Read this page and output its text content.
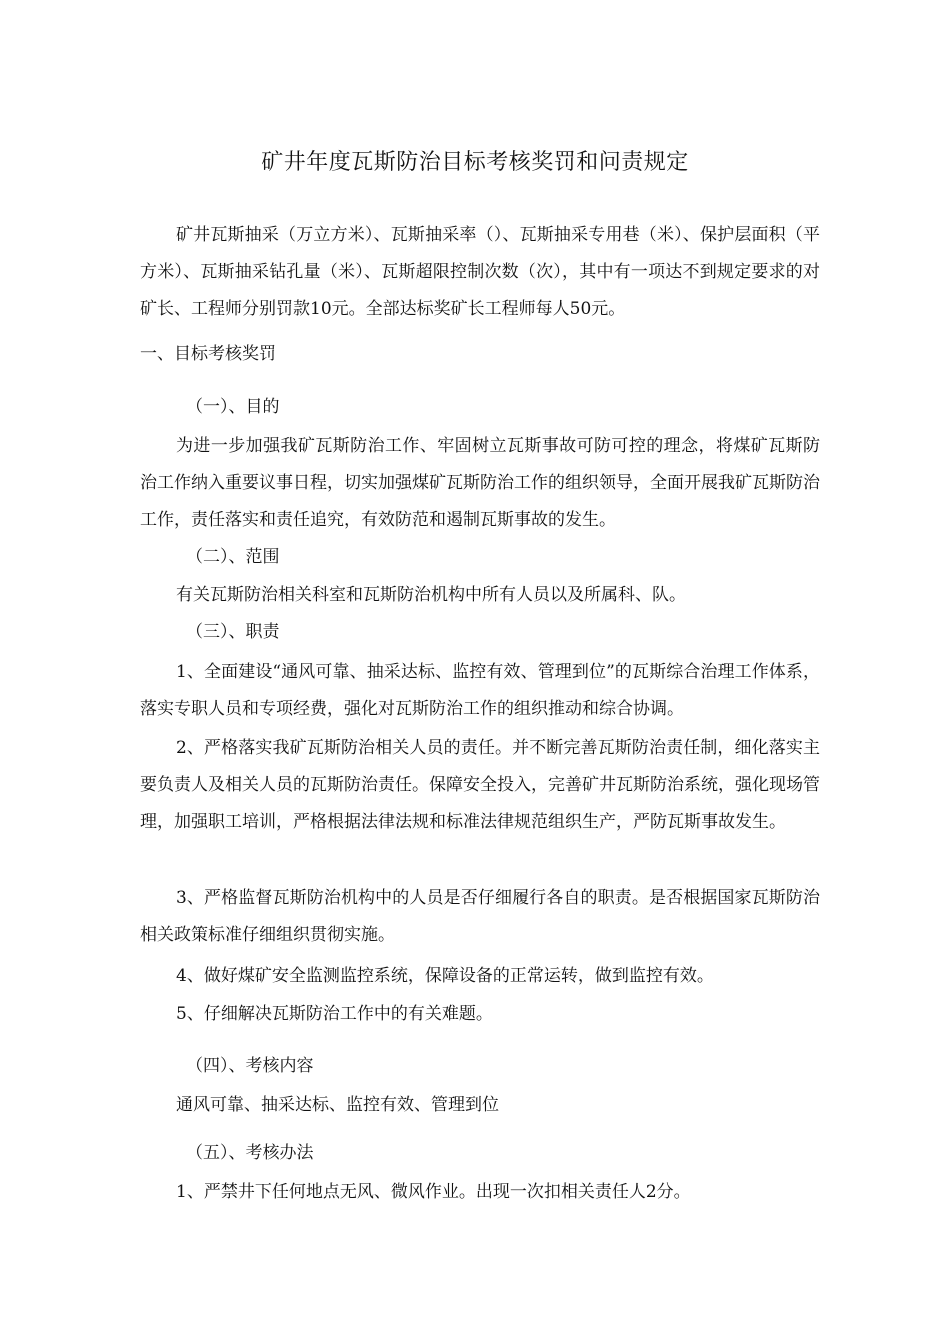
矿井年度瓦斯防治目标考核奖罚和问责规定
矿井瓦斯抽采（万立方米）、瓦斯抽采率（）、瓦斯抽采专用巷（米）、保护层面积（平方米）、瓦斯抽采钻孔量（米）、瓦斯超限控制次数（次），其中有一项达不到规定要求的对矿长、工程师分别罚款10元。全部达标奖矿长工程师每人50元。
一、目标考核奖罚
（一）、目的
为进一步加强我矿瓦斯防治工作、牢固树立瓦斯事故可防可控的理念，将煤矿瓦斯防治工作纳入重要议事日程，切实加强煤矿瓦斯防治工作的组织领导，全面开展我矿瓦斯防治工作，责任落实和责任追究，有效防范和遏制瓦斯事故的发生。
（二）、范围
有关瓦斯防治相关科室和瓦斯防治机构中所有人员以及所属科、队。
（三）、职责
1、全面建设“通风可靠、抽采达标、监控有效、管理到位”的瓦斯综合治理工作体系，落实专职人员和专项经费，强化对瓦斯防治工作的组织推动和综合协调。
2、严格落实我矿瓦斯防治相关人员的责任。并不断完善瓦斯防治责任制，细化落实主要负责人及相关人员的瓦斯防治责任。保障安全投入，完善矿井瓦斯防治系统，强化现场管理，加强职工培训，严格根据法律法规和标准法律规范组织生产，严防瓦斯事故发生。
3、严格监督瓦斯防治机构中的人员是否仔细履行各自的职责。是否根据国家瓦斯防治相关政策标准仔细组织贯彻实施。
4、做好煤矿安全监测监控系统，保障设备的正常运转，做到监控有效。
5、仔细解决瓦斯防治工作中的有关难题。
（四）、考核内容
通风可靠、抽采达标、监控有效、管理到位
（五）、考核办法
1、严禁井下任何地点无风、微风作业。出现一次扣相关责任人2分。
